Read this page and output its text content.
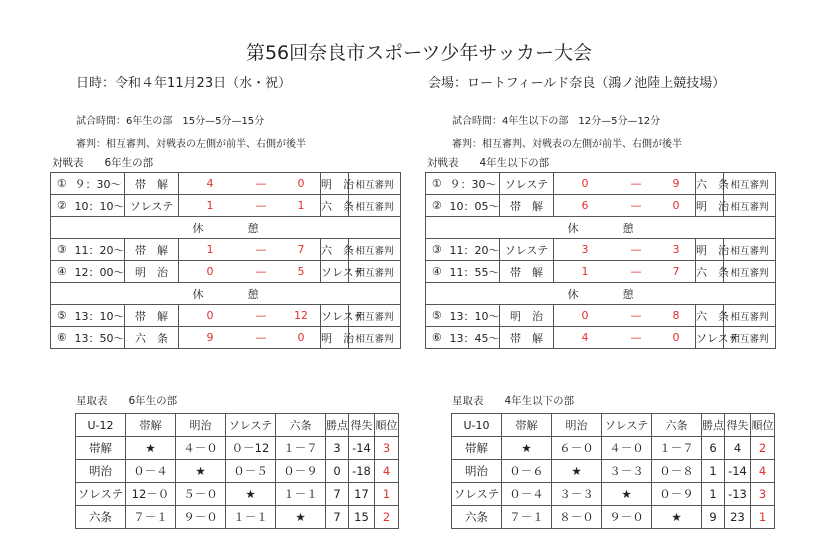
第56回奈良市スポーツ少年サッカー大会
日時：令和４年11月23日（水・祝）	会場：ロートフィールド奈良（鴻ノ池陸上競技場）
試合時間：6年生の部　15分—5分—15分
審判：相互審判、対戦表の左側が前半、右側が後半
対戦表　　6年生の部
試合時間：4年生以下の部　12分—5分—12分
審判：相互審判、対戦表の左側が前半、右側が後半
対戦表　　4年生以下の部
①	９：30～	帯　解	4 — 0	明　治	相互審判
②	10：10～	ソレステ	1 — 1	六　条	相互審判
休　　　　憩					
③	11：20～	帯　解	1 — 7	六　条	相互審判
④	12：00～	明　治	0 — 5	ソレステ	相互審判
休　　　　憩					
⑤	13：10～	帯　解	0 — 12	ソレステ	相互審判
⑥	13：50～	六　条	9 — 0	明　治	相互審判
①	９：30～	ソレステ	0 — 9	六　条	相互審判
②	10：05～	帯　解	6 — 0	明　治	相互審判
休　　　　憩					
③	11：20～	ソレステ	3 — 3	明　治	相互審判
④	11：55～	帯　解	1 — 7	六　条	相互審判
休　　　　憩					
⑤	13：10～	明　治	0 — 8	六　条	相互審判
⑥	13：45～	帯　解	4 — 0	ソレステ	相互審判
星取表　　6年生の部	星取表　　4年生以下の部
U-12	帯解	明治	ソレステ	六条	勝点	得失	順位
帯解	★	４－０	０－12	１－７	3	-14	3
明治	０－４	★	０－５	０－９	0	-18	4
ソレステ	12－０	５－０	★	１－１	7	17	1
六条	７－１	９－０	１－１	★	7	15	2
U-10	帯解	明治	ソレステ	六条	勝点	得失	順位
帯解	★	６－０	４－０	１－７	6	4	2
明治	０－６	★	３－３	０－８	1	-14	4
ソレステ	０－４	３－３	★	０－９	1	-13	3
六条	７－１	８－０	９－０	★	9	23	1
